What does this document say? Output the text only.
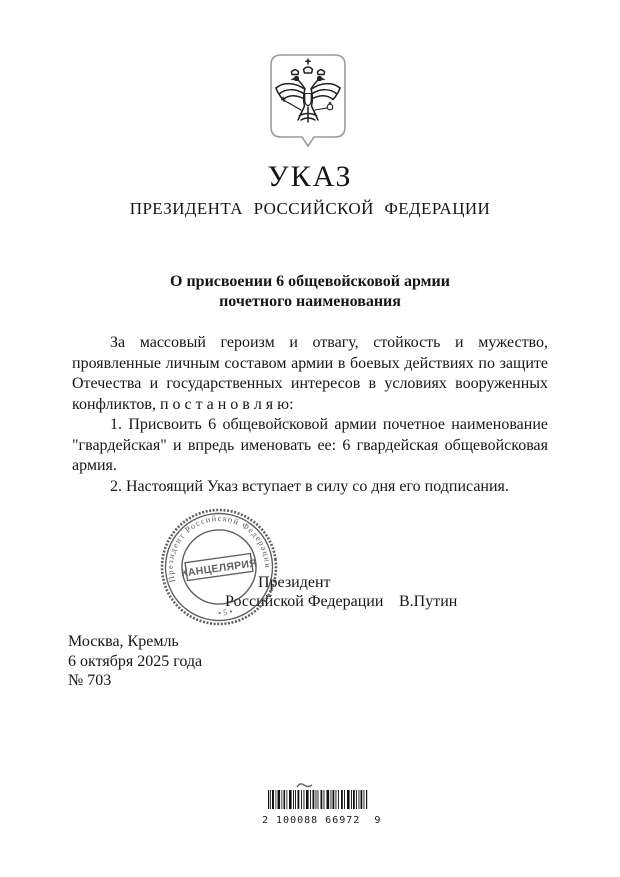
УКАЗ
ПРЕЗИДЕНТА РОССИЙСКОЙ ФЕДЕРАЦИИ
О присвоении 6 общевойсковой армии
почетного наименования

За массовый героизм и отвагу, стойкость и мужество, проявленные личным составом армии в боевых действиях по защите Отечества и государственных интересов в условиях вооруженных конфликтов, п о с т а н о в л я ю:

1. Присвоить 6 общевойсковой армии почетное наименование "гвардейская" и впредь именовать ее: 6 гвардейская общевойсковая армия.

2. Настоящий Указ вступает в силу со дня его подписания.

Президент
Российской Федерации В.Путин
Президент Российской Федерации
• 5 •
КАНЦЕЛЯРИЯ
Москва, Кремль
6 октября 2025 года
№ 703
2 100088 66972  9
